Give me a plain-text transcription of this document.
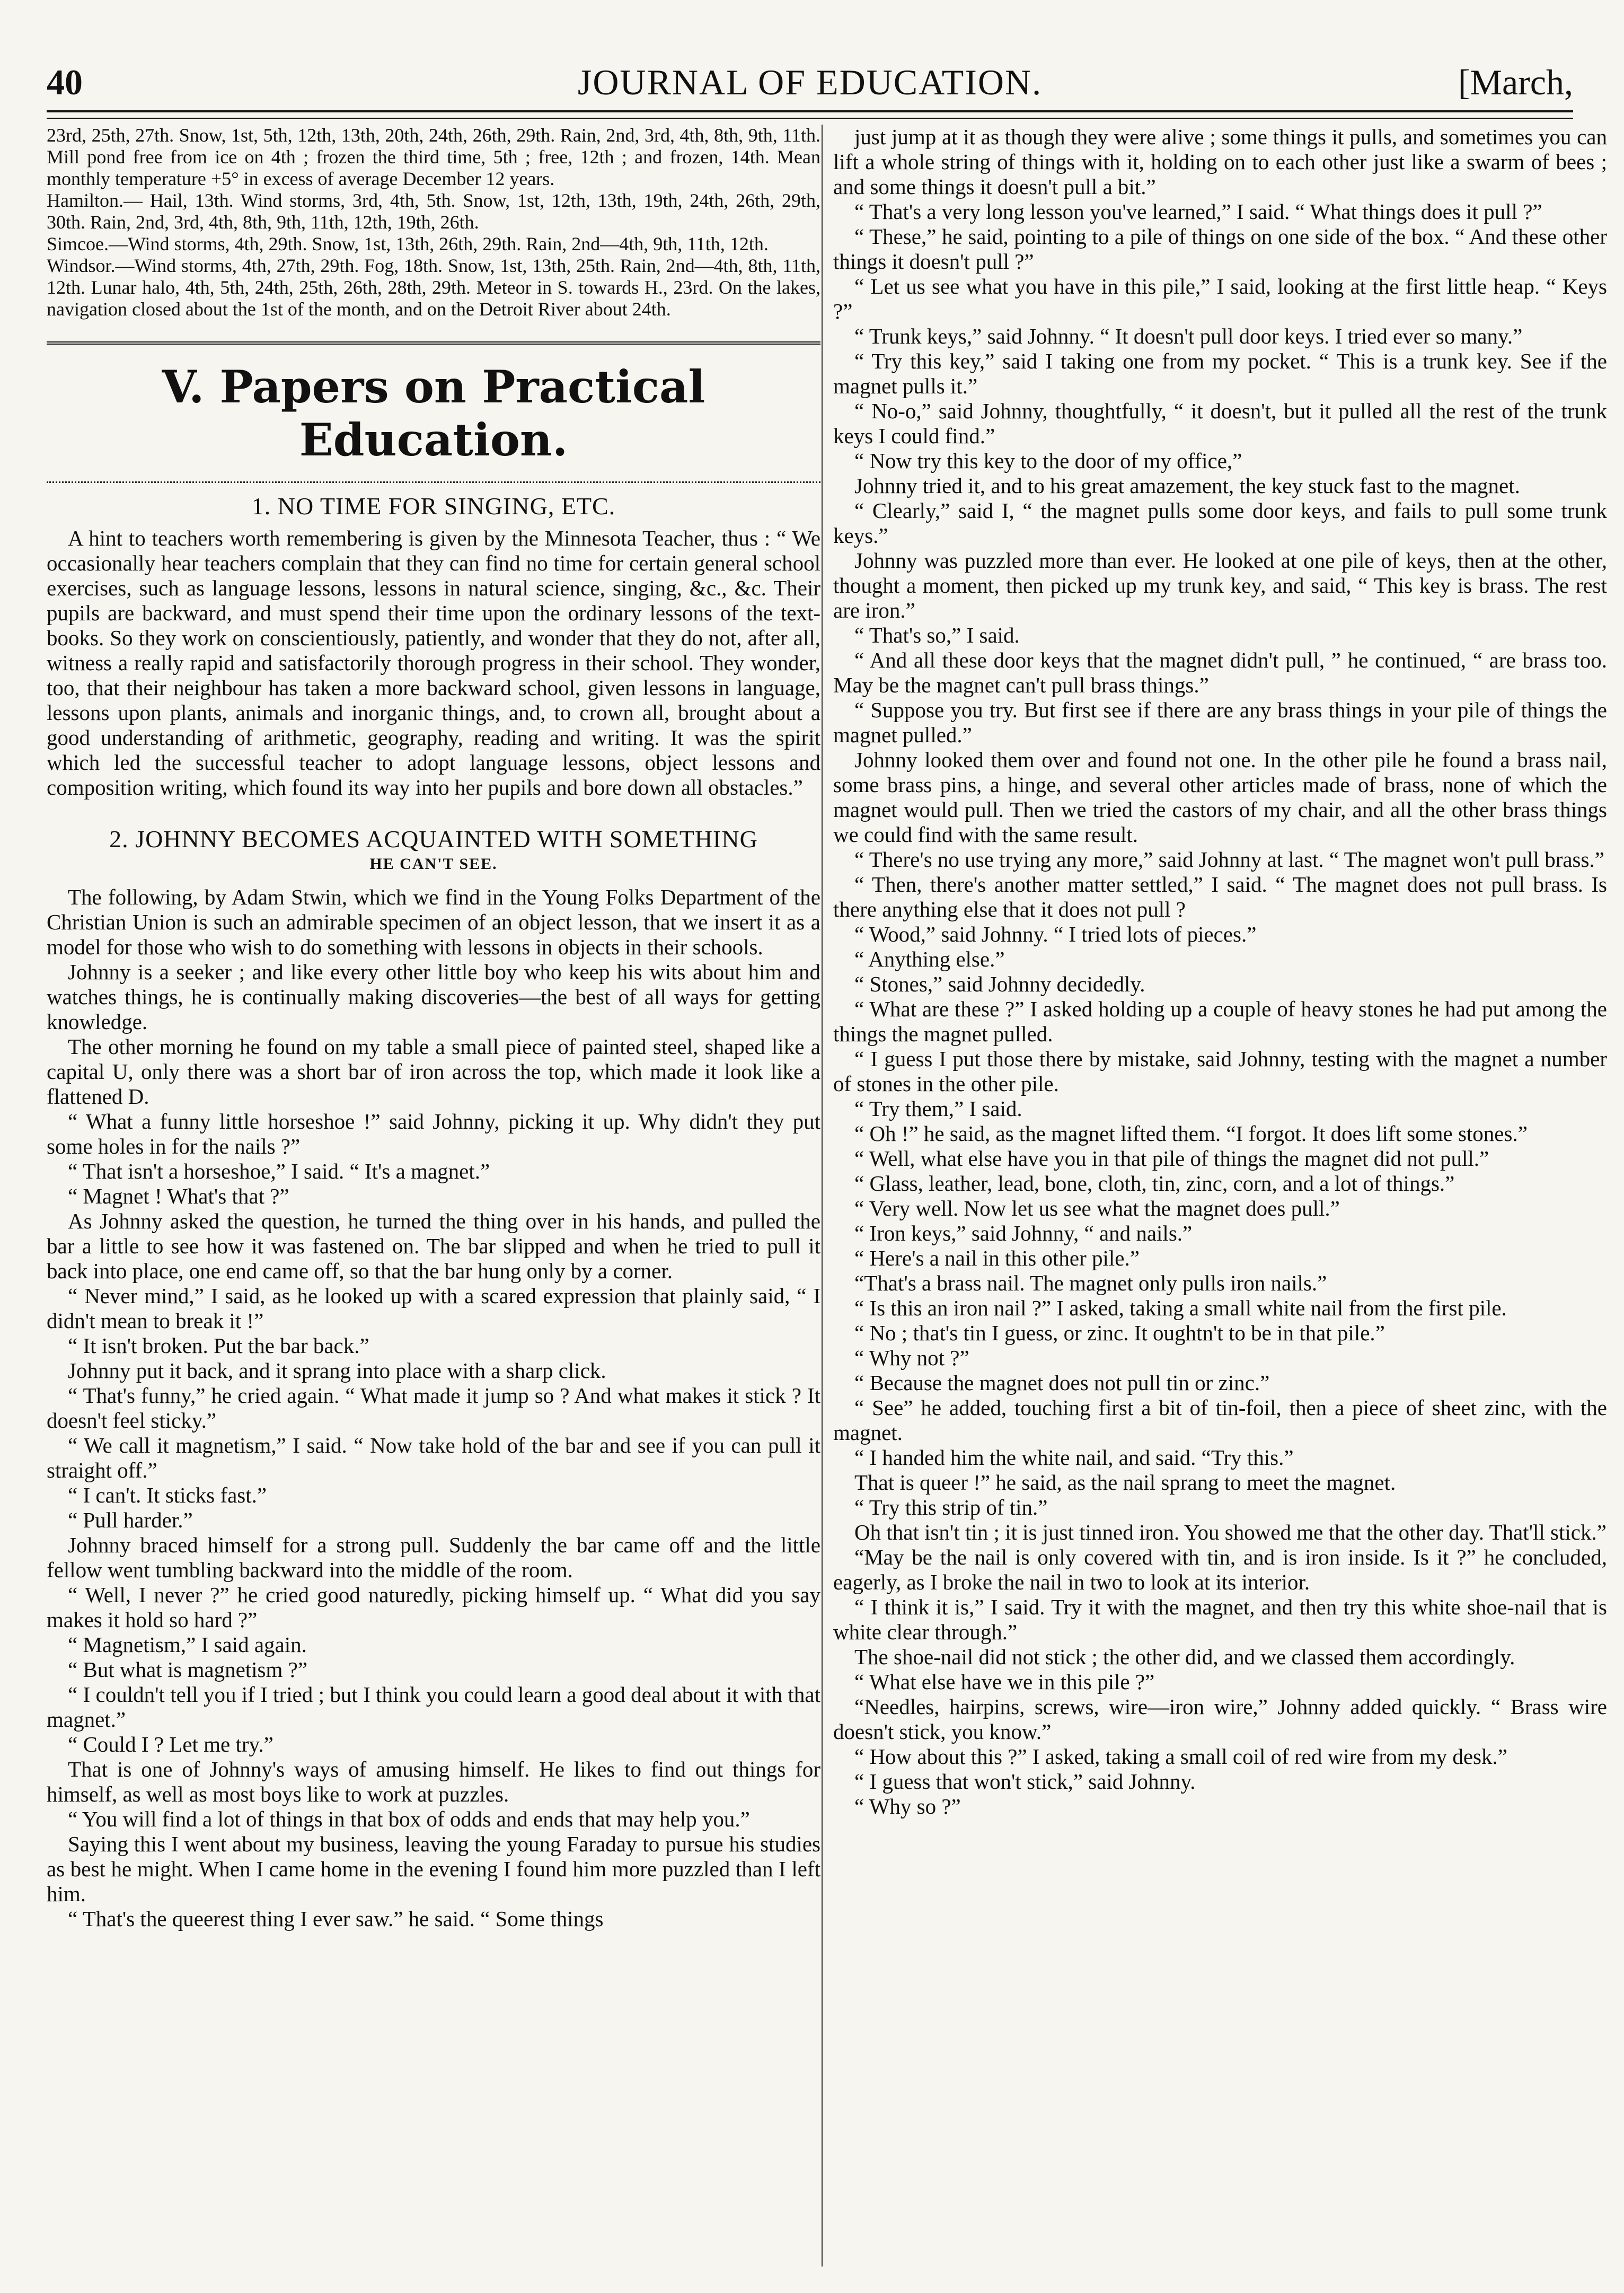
40	JOURNAL OF EDUCATION.	[March,

23rd, 25th, 27th. Snow, 1st, 5th, 12th, 13th, 20th, 24th, 26th, 29th. Rain, 2nd, 3rd, 4th, 8th, 9th, 11th. Mill pond free from ice on 4th ; frozen the third time, 5th ; free, 12th ; and frozen, 14th. Mean monthly temperature +5° in excess of average December 12 years.

Hamilton.— Hail, 13th. Wind storms, 3rd, 4th, 5th. Snow, 1st, 12th, 13th, 19th, 24th, 26th, 29th, 30th. Rain, 2nd, 3rd, 4th, 8th, 9th, 11th, 12th, 19th, 26th.

Simcoe.—Wind storms, 4th, 29th. Snow, 1st, 13th, 26th, 29th. Rain, 2nd—4th, 9th, 11th, 12th.

Windsor.—Wind storms, 4th, 27th, 29th. Fog, 18th. Snow, 1st, 13th, 25th. Rain, 2nd—4th, 8th, 11th, 12th. Lunar halo, 4th, 5th, 24th, 25th, 26th, 28th, 29th. Meteor in S. towards H., 23rd. On the lakes, navigation closed about the 1st of the month, and on the Detroit River about 24th.

V. Papers on Practical Education.
1. NO TIME FOR SINGING, ETC.

A hint to teachers worth remembering is given by the Minnesota Teacher, thus : “ We occasionally hear teachers complain that they can find no time for certain general school exercises, such as language lessons, lessons in natural science, singing, &c., &c. Their pupils are backward, and must spend their time upon the ordinary lessons of the text-books. So they work on conscientiously, patiently, and wonder that they do not, after all, witness a really rapid and satisfactorily thorough progress in their school. They wonder, too, that their neighbour has taken a more backward school, given lessons in language, lessons upon plants, animals and inorganic things, and, to crown all, brought about a good understanding of arithmetic, geography, reading and writing. It was the spirit which led the successful teacher to adopt language lessons, object lessons and composition writing, which found its way into her pupils and bore down all obstacles.”

2. JOHNNY BECOMES ACQUAINTED WITH SOMETHING
HE CAN'T SEE.

The following, by Adam Stwin, which we find in the Young Folks Department of the Christian Union is such an admirable specimen of an object lesson, that we insert it as a model for those who wish to do something with lessons in objects in their schools.

Johnny is a seeker ; and like every other little boy who keep his wits about him and watches things, he is continually making discoveries—the best of all ways for getting knowledge.

The other morning he found on my table a small piece of painted steel, shaped like a capital U, only there was a short bar of iron across the top, which made it look like a flattened D.

“ What a funny little horseshoe !” said Johnny, picking it up. Why didn't they put some holes in for the nails ?”

“ That isn't a horseshoe,” I said. “ It's a magnet.”

“ Magnet ! What's that ?”

As Johnny asked the question, he turned the thing over in his hands, and pulled the bar a little to see how it was fastened on. The bar slipped and when he tried to pull it back into place, one end came off, so that the bar hung only by a corner.

“ Never mind,” I said, as he looked up with a scared expression that plainly said, “ I didn't mean to break it !”

“ It isn't broken. Put the bar back.”

Johnny put it back, and it sprang into place with a sharp click.

“ That's funny,” he cried again. “ What made it jump so ? And what makes it stick ? It doesn't feel sticky.”

“ We call it magnetism,” I said. “ Now take hold of the bar and see if you can pull it straight off.”

“ I can't. It sticks fast.”

“ Pull harder.”

Johnny braced himself for a strong pull. Suddenly the bar came off and the little fellow went tumbling backward into the middle of the room.

“ Well, I never ?” he cried good naturedly, picking himself up. “ What did you say makes it hold so hard ?”

“ Magnetism,” I said again.

“ But what is magnetism ?”

“ I couldn't tell you if I tried ; but I think you could learn a good deal about it with that magnet.”

“ Could I ? Let me try.”

That is one of Johnny's ways of amusing himself. He likes to find out things for himself, as well as most boys like to work at puzzles.

“ You will find a lot of things in that box of odds and ends that may help you.”

Saying this I went about my business, leaving the young Faraday to pursue his studies as best he might. When I came home in the evening I found him more puzzled than I left him.

“ That's the queerest thing I ever saw.” he said. “ Some things

just jump at it as though they were alive ; some things it pulls, and sometimes you can lift a whole string of things with it, holding on to each other just like a swarm of bees ; and some things it doesn't pull a bit.”

“ That's a very long lesson you've learned,” I said. “ What things does it pull ?”

“ These,” he said, pointing to a pile of things on one side of the box. “ And these other things it doesn't pull ?”

“ Let us see what you have in this pile,” I said, looking at the first little heap. “ Keys ?”

“ Trunk keys,” said Johnny. “ It doesn't pull door keys. I tried ever so many.”

“ Try this key,” said I taking one from my pocket. “ This is a trunk key. See if the magnet pulls it.”

“ No-o,” said Johnny, thoughtfully, “ it doesn't, but it pulled all the rest of the trunk keys I could find.”

“ Now try this key to the door of my office,”

Johnny tried it, and to his great amazement, the key stuck fast to the magnet.

“ Clearly,” said I, “ the magnet pulls some door keys, and fails to pull some trunk keys.”

Johnny was puzzled more than ever. He looked at one pile of keys, then at the other, thought a moment, then picked up my trunk key, and said, “ This key is brass. The rest are iron.”

“ That's so,” I said.

“ And all these door keys that the magnet didn't pull, ” he continued, “ are brass too. May be the magnet can't pull brass things.”

“ Suppose you try. But first see if there are any brass things in your pile of things the magnet pulled.”

Johnny looked them over and found not one. In the other pile he found a brass nail, some brass pins, a hinge, and several other articles made of brass, none of which the magnet would pull. Then we tried the castors of my chair, and all the other brass things we could find with the same result.

“ There's no use trying any more,” said Johnny at last. “ The magnet won't pull brass.”

“ Then, there's another matter settled,” I said. “ The magnet does not pull brass. Is there anything else that it does not pull ?

“ Wood,” said Johnny. “ I tried lots of pieces.”

“ Anything else.”

“ Stones,” said Johnny decidedly.

“ What are these ?” I asked holding up a couple of heavy stones he had put among the things the magnet pulled.

“ I guess I put those there by mistake, said Johnny, testing with the magnet a number of stones in the other pile.

“ Try them,” I said.

“ Oh !” he said, as the magnet lifted them. “I forgot. It does lift some stones.”

“ Well, what else have you in that pile of things the magnet did not pull.”

“ Glass, leather, lead, bone, cloth, tin, zinc, corn, and a lot of things.”

“ Very well. Now let us see what the magnet does pull.”

“ Iron keys,” said Johnny, “ and nails.”

“ Here's a nail in this other pile.”

“That's a brass nail. The magnet only pulls iron nails.”

“ Is this an iron nail ?” I asked, taking a small white nail from the first pile.

“ No ; that's tin I guess, or zinc. It oughtn't to be in that pile.”

“ Why not ?”

“ Because the magnet does not pull tin or zinc.”

“ See” he added, touching first a bit of tin-foil, then a piece of sheet zinc, with the magnet.

“ I handed him the white nail, and said. “Try this.”

That is queer !” he said, as the nail sprang to meet the magnet.

“ Try this strip of tin.”

Oh that isn't tin ; it is just tinned iron. You showed me that the other day. That'll stick.”

“May be the nail is only covered with tin, and is iron inside. Is it ?” he concluded, eagerly, as I broke the nail in two to look at its interior.

“ I think it is,” I said. Try it with the magnet, and then try this white shoe-nail that is white clear through.”

The shoe-nail did not stick ; the other did, and we classed them accordingly.

“ What else have we in this pile ?”

“Needles, hairpins, screws, wire—iron wire,” Johnny added quickly. “ Brass wire doesn't stick, you know.”

“ How about this ?” I asked, taking a small coil of red wire from my desk.”

“ I guess that won't stick,” said Johnny.

“ Why so ?”
